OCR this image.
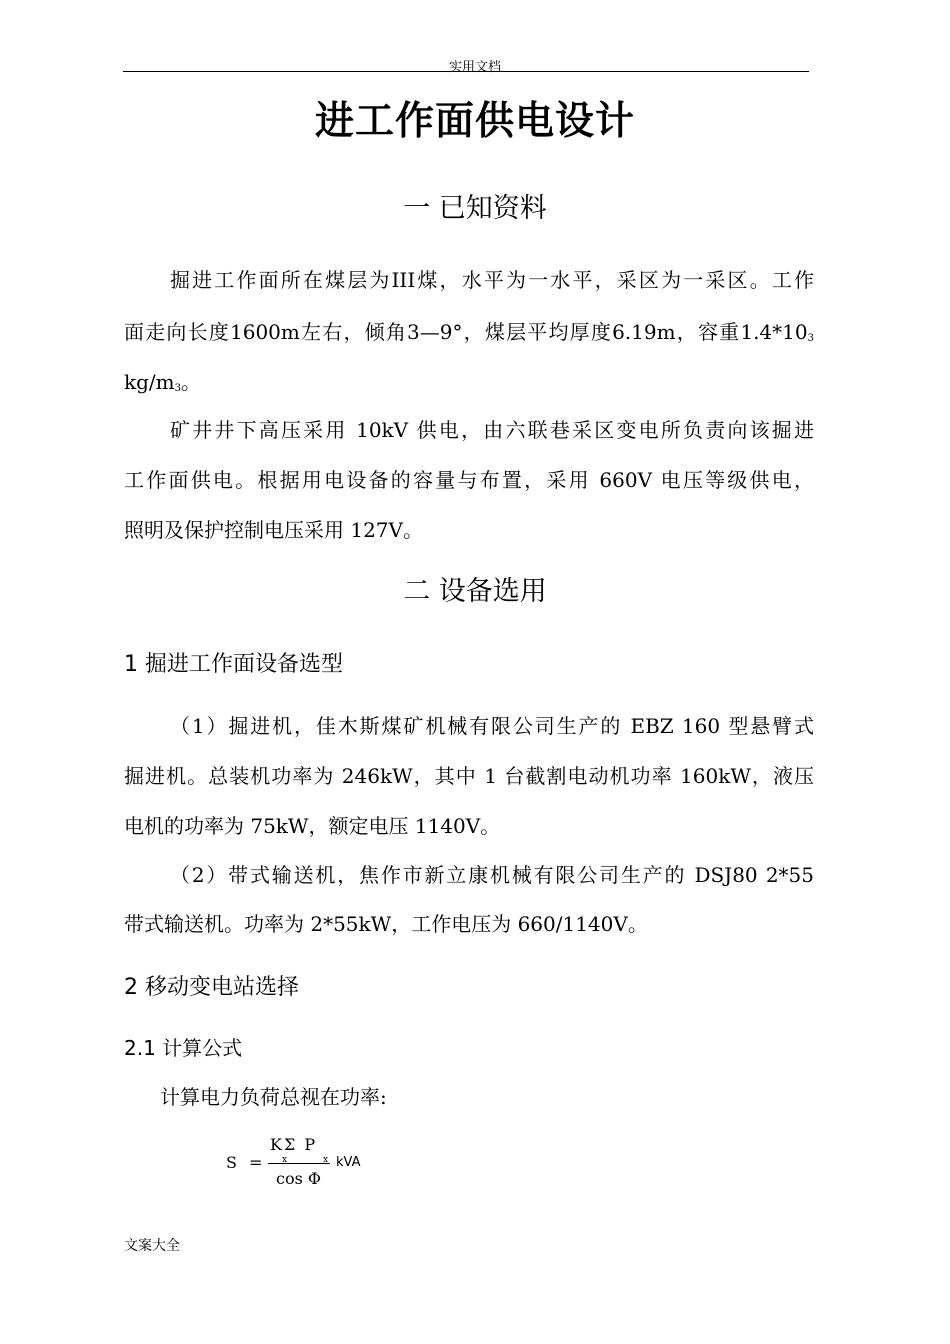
实用文档
进工作面供电设计
一 已知资料
掘进工作面所在煤层为III煤，水平为一水平，采区为一采区。工作
面走向长度1600m左右，倾角3—9°，煤层平均厚度6.19m，容重$1.4*10^3$
$kg/m^3$。
矿井井下高压采用 10kV 供电，由六联巷采区变电所负责向该掘进
工作面供电。根据用电设备的容量与布置，采用 660V 电压等级供电，
照明及保护控制电压采用 127V。
二 设备选用
1 掘进工作面设备选型
（1）掘进机，佳木斯煤矿机械有限公司生产的 EBZ 160 型悬臂式
掘进机。总装机功率为 246kW，其中 1 台截割电动机功率 160kW，液压
电机的功率为 75kW，额定电压 1140V。
（2）带式输送机，焦作市新立康机械有限公司生产的 DSJ80 2*55
带式输送机。功率为 2*55kW，工作电压为 660/1140V。
2 移动变电站选择
2.1 计算公式
计算电力负荷总视在功率:
S =
KΣ P
x	x
cos Φ
kVA
文案大全
